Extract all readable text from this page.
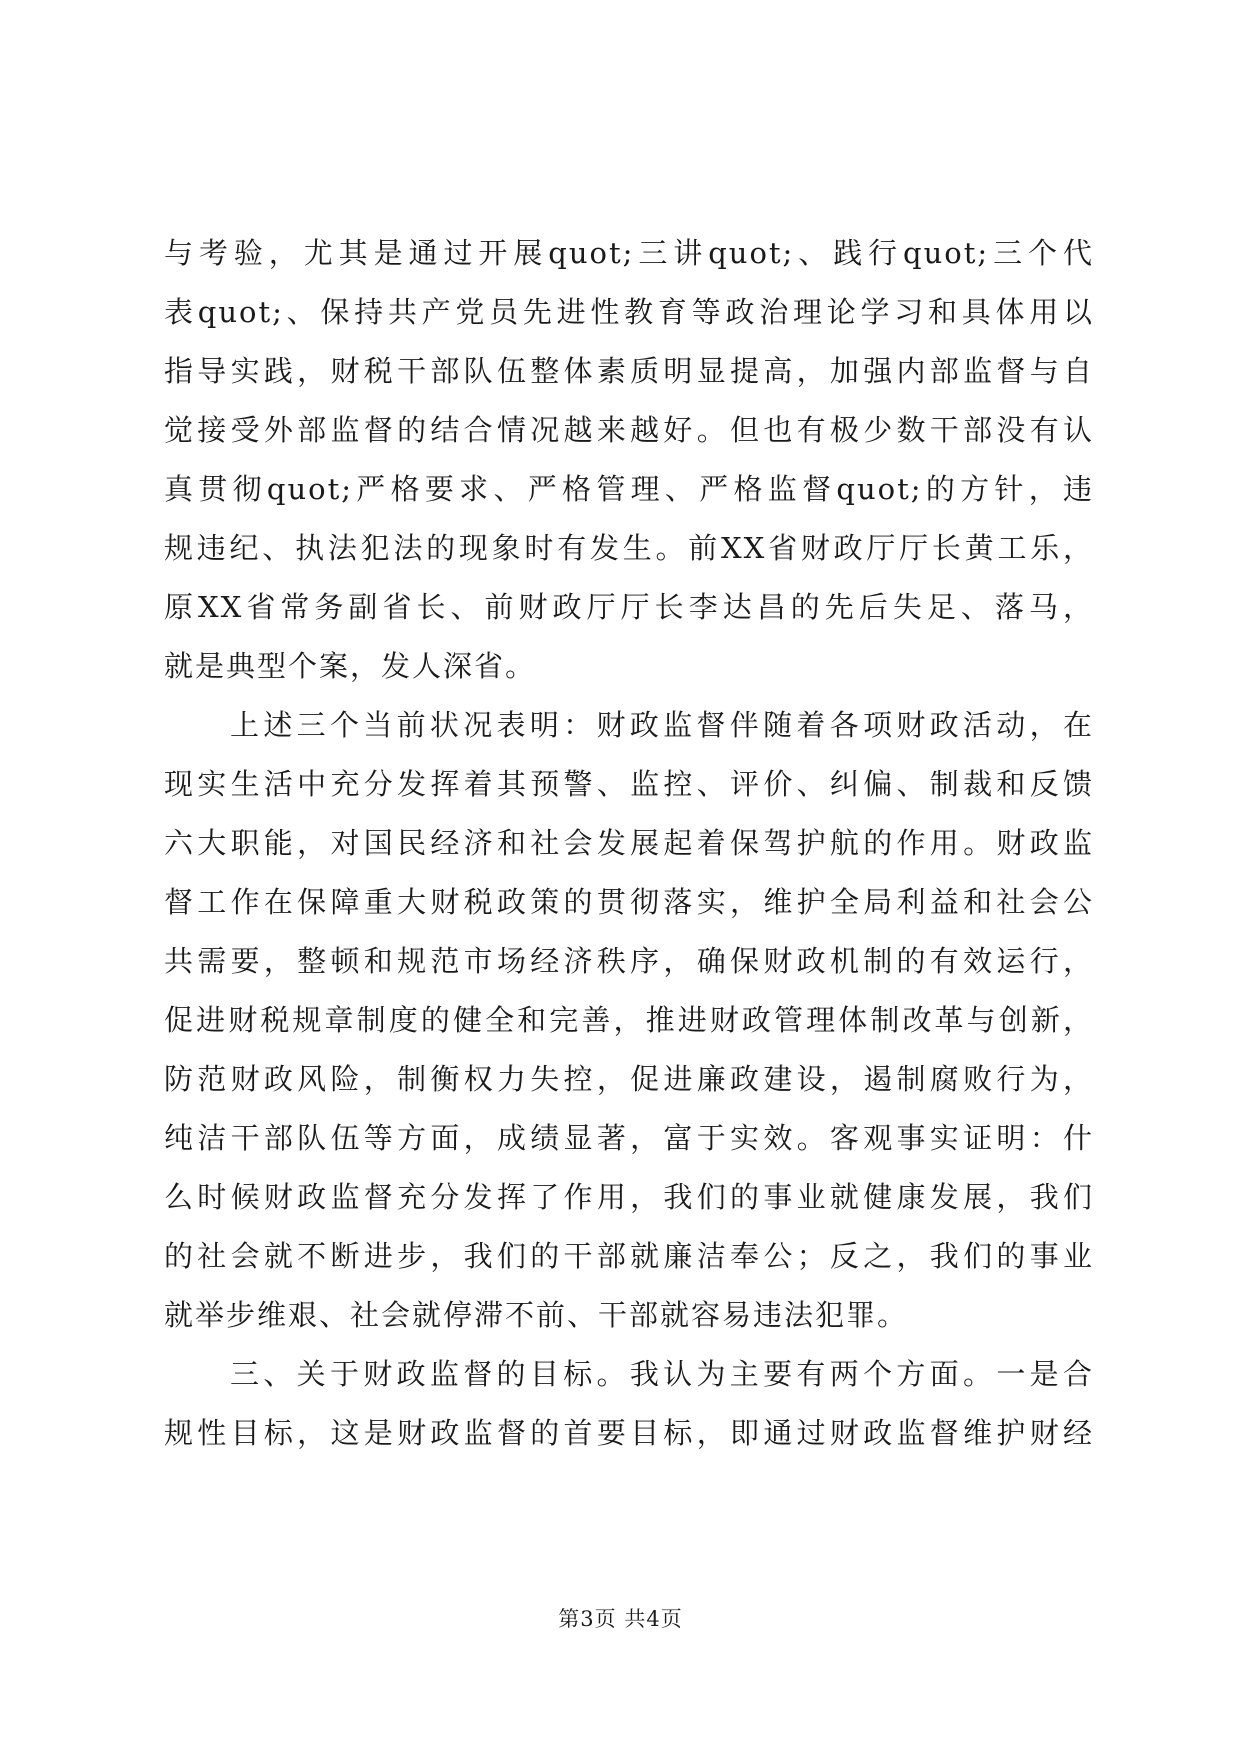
与考验，尤其是通过开展quot;三讲quot;、践行quot;三个代
表quot;、保持共产党员先进性教育等政治理论学习和具体用以
指导实践，财税干部队伍整体素质明显提高，加强内部监督与自
觉接受外部监督的结合情况越来越好。但也有极少数干部没有认
真贯彻quot;严格要求、严格管理、严格监督quot;的方针，违
规违纪、执法犯法的现象时有发生。前XX省财政厅厅长黄工乐，
原XX省常务副省长、前财政厅厅长李达昌的先后失足、落马，
就是典型个案，发人深省。
上述三个当前状况表明：财政监督伴随着各项财政活动，在
现实生活中充分发挥着其预警、监控、评价、纠偏、制裁和反馈
六大职能，对国民经济和社会发展起着保驾护航的作用。财政监
督工作在保障重大财税政策的贯彻落实，维护全局利益和社会公
共需要，整顿和规范市场经济秩序，确保财政机制的有效运行，
促进财税规章制度的健全和完善，推进财政管理体制改革与创新，
防范财政风险，制衡权力失控，促进廉政建设，遏制腐败行为，
纯洁干部队伍等方面，成绩显著，富于实效。客观事实证明：什
么时候财政监督充分发挥了作用，我们的事业就健康发展，我们
的社会就不断进步，我们的干部就廉洁奉公；反之，我们的事业
就举步维艰、社会就停滞不前、干部就容易违法犯罪。
三、关于财政监督的目标。我认为主要有两个方面。一是合
规性目标，这是财政监督的首要目标，即通过财政监督维护财经
第3页 共4页
